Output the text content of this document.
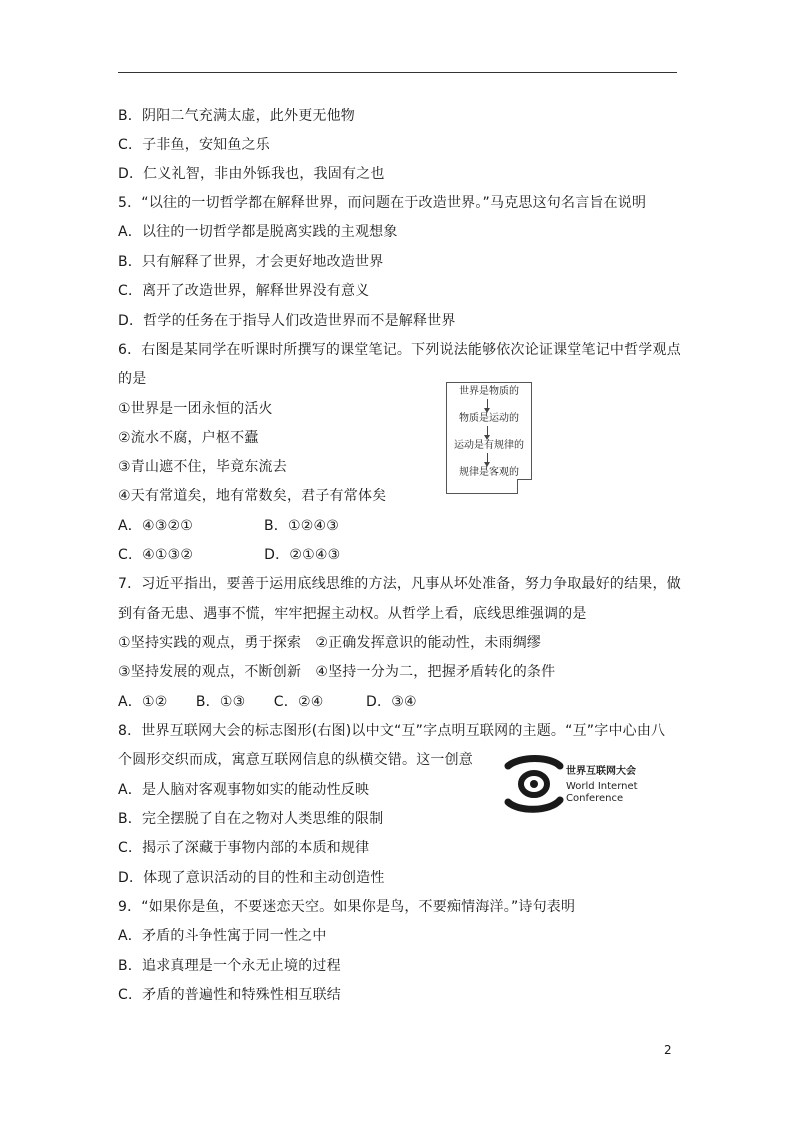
B．阴阳二气充满太虚，此外更无他物
C．子非鱼，安知鱼之乐
D．仁义礼智，非由外铄我也，我固有之也
5．“以往的一切哲学都在解释世界，而问题在于改造世界。”马克思这句名言旨在说明
A．以往的一切哲学都是脱离实践的主观想象
B．只有解释了世界，才会更好地改造世界
C．离开了改造世界，解释世界没有意义
D．哲学的任务在于指导人们改造世界而不是解释世界
6．右图是某同学在听课时所撰写的课堂笔记。下列说法能够依次论证课堂笔记中哲学观点
的是
①世界是一团永恒的活火
②流水不腐，户枢不蠹
③青山遮不住，毕竟东流去
④天有常道矣，地有常数矣，君子有常体矣
A．④③②①　　　　　B．①②④③
C．④①③②　　　　　D．②①④③
7．习近平指出，要善于运用底线思维的方法，凡事从坏处准备，努力争取最好的结果，做
到有备无患、遇事不慌，牢牢把握主动权。从哲学上看，底线思维强调的是
①坚持实践的观点，勇于探索　②正确发挥意识的能动性，未雨绸缪
③坚持发展的观点，不断创新　④坚持一分为二，把握矛盾转化的条件
A．①②　　B．①③　　C．②④　　　D．③④
8．世界互联网大会的标志图形(右图)以中文“互”字点明互联网的主题。“互”字中心由八
个圆形交织而成，寓意互联网信息的纵横交错。这一创意
A．是人脑对客观事物如实的能动性反映
B．完全摆脱了自在之物对人类思维的限制
C．揭示了深藏于事物内部的本质和规律
D．体现了意识活动的目的性和主动创造性
9．“如果你是鱼，不要迷恋天空。如果你是鸟，不要痴情海洋。”诗句表明
A．矛盾的斗争性寓于同一性之中
B．追求真理是一个永无止境的过程
C．矛盾的普遍性和特殊性相互联结
世界是物质的
物质是运动的
运动是有规律的
规律是客观的
世界互联网大会
World Internet
Conference
2
